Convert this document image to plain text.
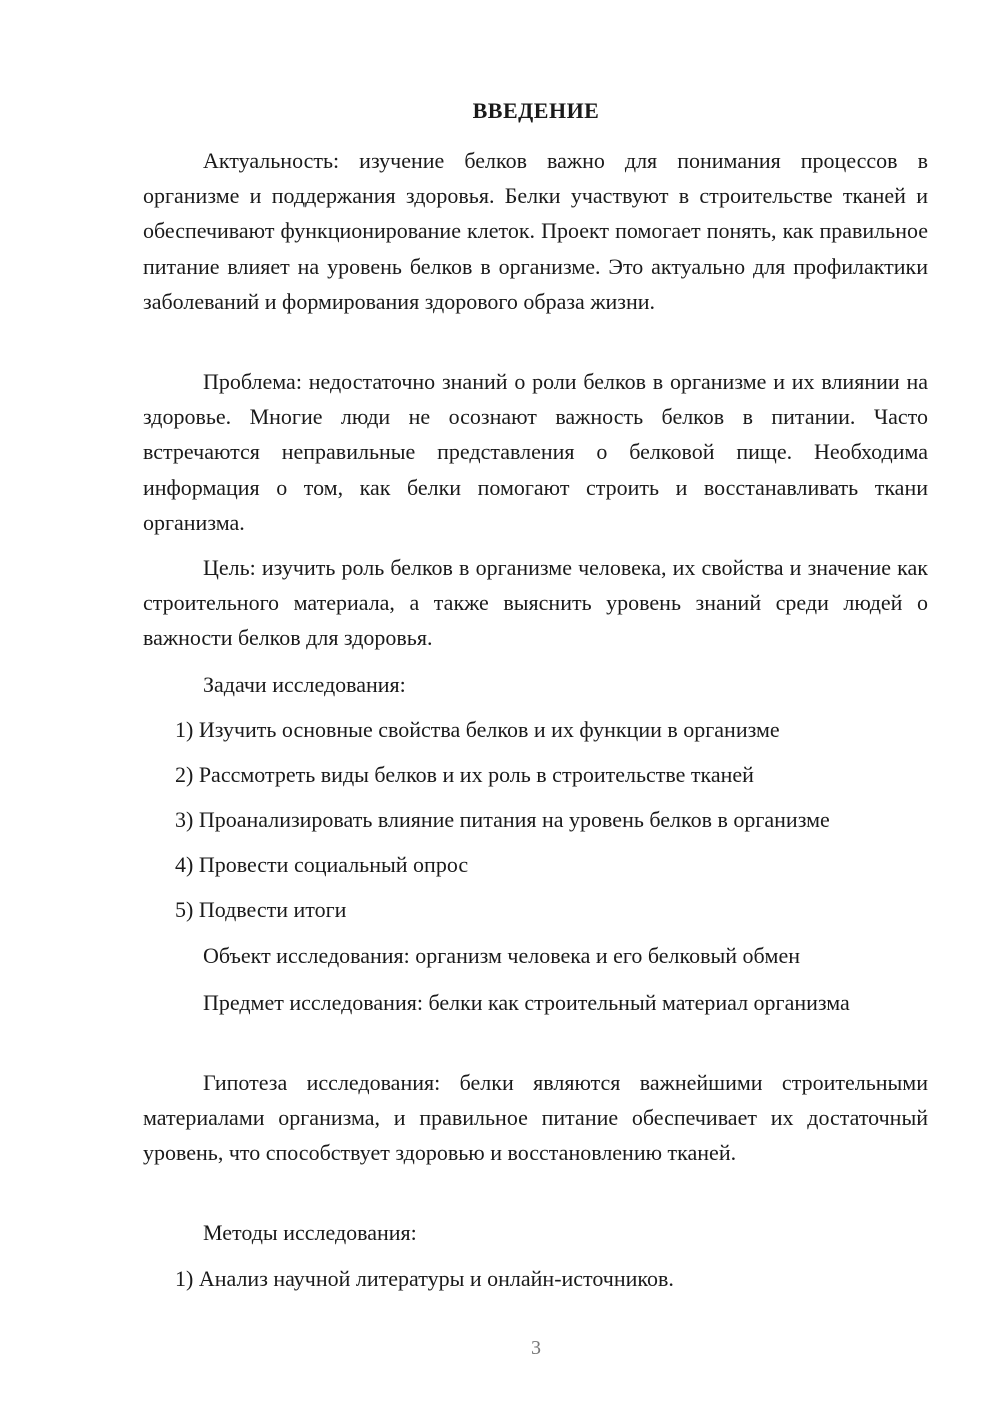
ВВЕДЕНИЕ

Актуальность: изучение белков важно для понимания процессов в организме и поддержания здоровья. Белки участвуют в строительстве тканей и обеспечивают функционирование клеток. Проект помогает понять, как правильное питание влияет на уровень белков в организме. Это актуально для профилактики заболеваний и формирования здорового образа жизни.

Проблема: недостаточно знаний о роли белков в организме и их влиянии на здоровье. Многие люди не осознают важность белков в питании. Часто встречаются неправильные представления о белковой пище. Необходима информация о том, как белки помогают строить и восстанавливать ткани организма.

Цель: изучить роль белков в организме человека, их свойства и значение как строительного материала, а также выяснить уровень знаний среди людей о важности белков для здоровья.

Задачи исследования:

1) Изучить основные свойства белков и их функции в организме

2) Рассмотреть виды белков и их роль в строительстве тканей

3) Проанализировать влияние питания на уровень белков в организме

4) Провести социальный опрос

5) Подвести итоги

Объект исследования: организм человека и его белковый обмен

Предмет исследования: белки как строительный материал организма

Гипотеза исследования: белки являются важнейшими строительными материалами организма, и правильное питание обеспечивает их достаточный уровень, что способствует здоровью и восстановлению тканей.

Методы исследования:

1) Анализ научной литературы и онлайн-источников.

3
